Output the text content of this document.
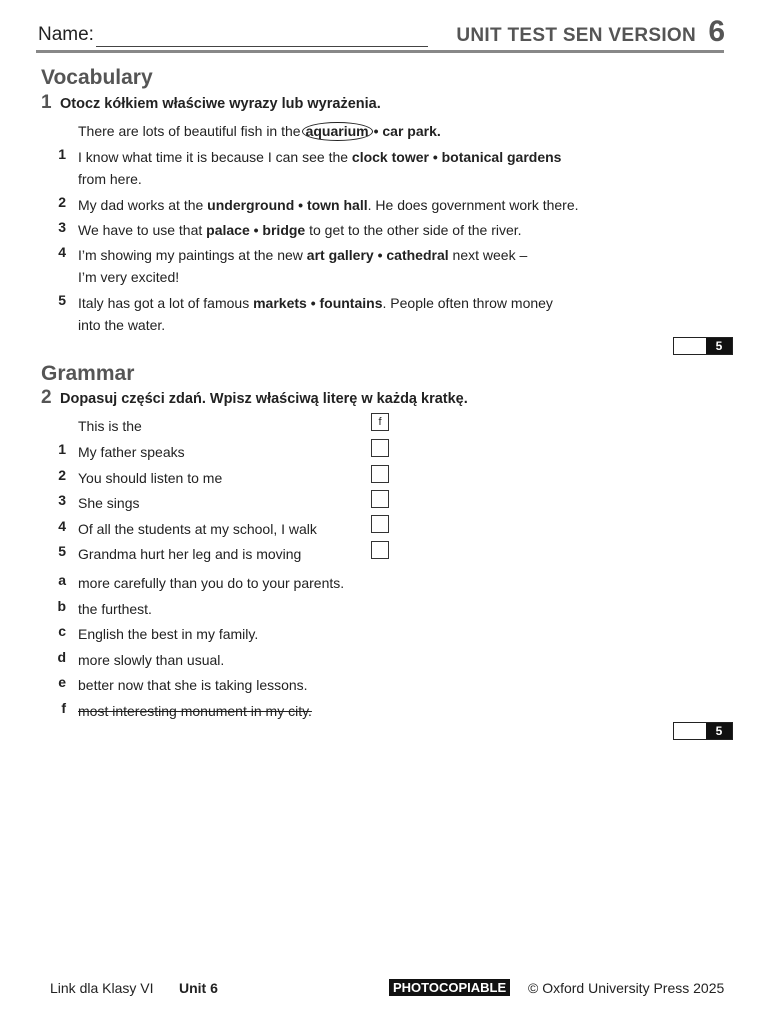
Name:	UNIT TEST SEN VERSION 6
Vocabulary
1 Otocz kółkiem właściwe wyrazy lub wyrażenia.
There are lots of beautiful fish in the aquarium • car park.
1 I know what time it is because I can see the clock tower • botanical gardens
from here.
2 My dad works at the underground • town hall. He does government work there.
3 We have to use that palace • bridge to get to the other side of the river.
4 I’m showing my paintings at the new art gallery • cathedral next week –
I’m very excited!
5 Italy has got a lot of famous markets • fountains. People often throw money
into the water.
5
Grammar
2 Dopasuj części zdań. Wpisz właściwą literę w każdą kratkę.
This is the	f
1 My father speaks
2 You should listen to me
3 She sings
4 Of all the students at my school, I walk
5 Grandma hurt her leg and is moving
a more carefully than you do to your parents.
b the furthest.
c English the best in my family.
d more slowly than usual.
e better now that she is taking lessons.
f most interesting monument in my city.
5
Link dla Klasy VI Unit 6	PHOTOCOPIABLE © Oxford University Press 2025
